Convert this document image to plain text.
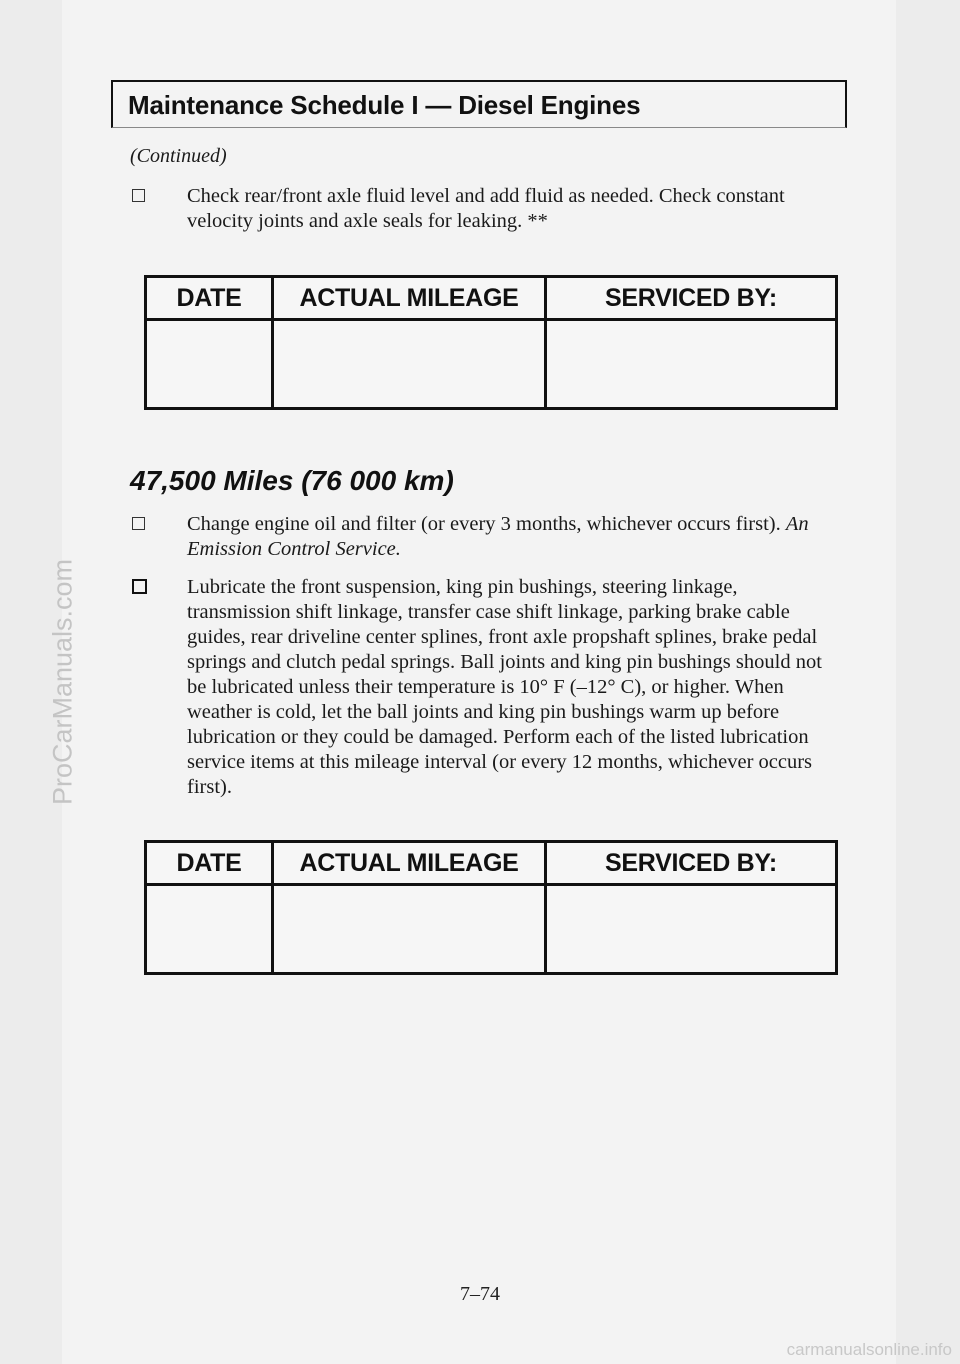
ProCarManuals.com
Maintenance Schedule I — Diesel Engines
(Continued)
Check rear/front axle fluid level and add fluid as needed. Check constant velocity joints and axle seals for leaking. **
DATE	ACTUAL MILEAGE	SERVICED BY:
47,500 Miles (76 000 km)
Change engine oil and filter (or every 3 months, whichever occurs first). An Emission Control Service.
Lubricate the front suspension, king pin bushings, steering linkage, transmission shift linkage, transfer case shift linkage, parking brake cable guides, rear driveline center splines, front axle propshaft splines, brake pedal springs and clutch pedal springs. Ball joints and king pin bushings should not be lubricated unless their temperature is 10° F (–12° C), or higher. When weather is cold, let the ball joints and king pin bushings warm up before lubrication or they could be damaged. Perform each of the listed lubrication service items at this mileage interval (or every 12 months, whichever occurs first).
DATE	ACTUAL MILEAGE	SERVICED BY:
7–74
carmanualsonline.info
